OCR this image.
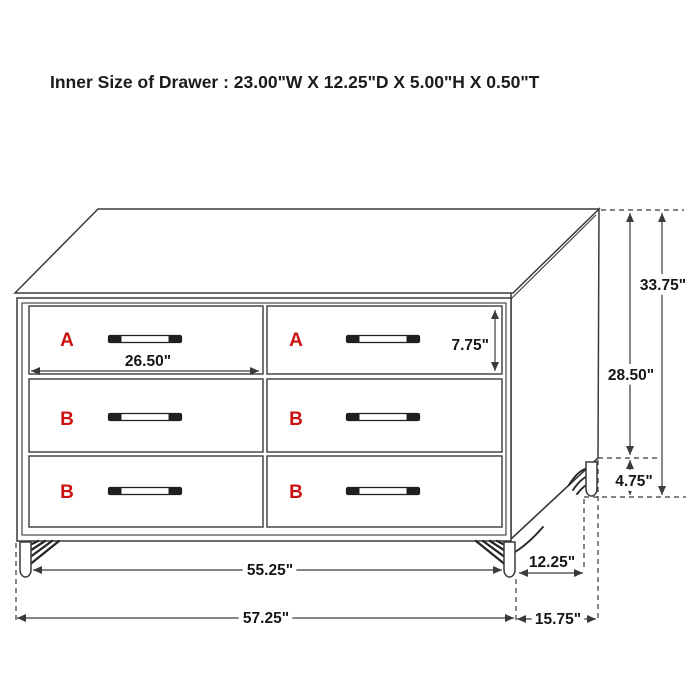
Inner Size of Drawer : 23.00"W X 12.25"D X 5.00"H X 0.50"T
A	A
B	B
B	B
26.50"
7.75"
33.75"
28.50"
4.75"
12.25"
15.75"
55.25"
57.25"
